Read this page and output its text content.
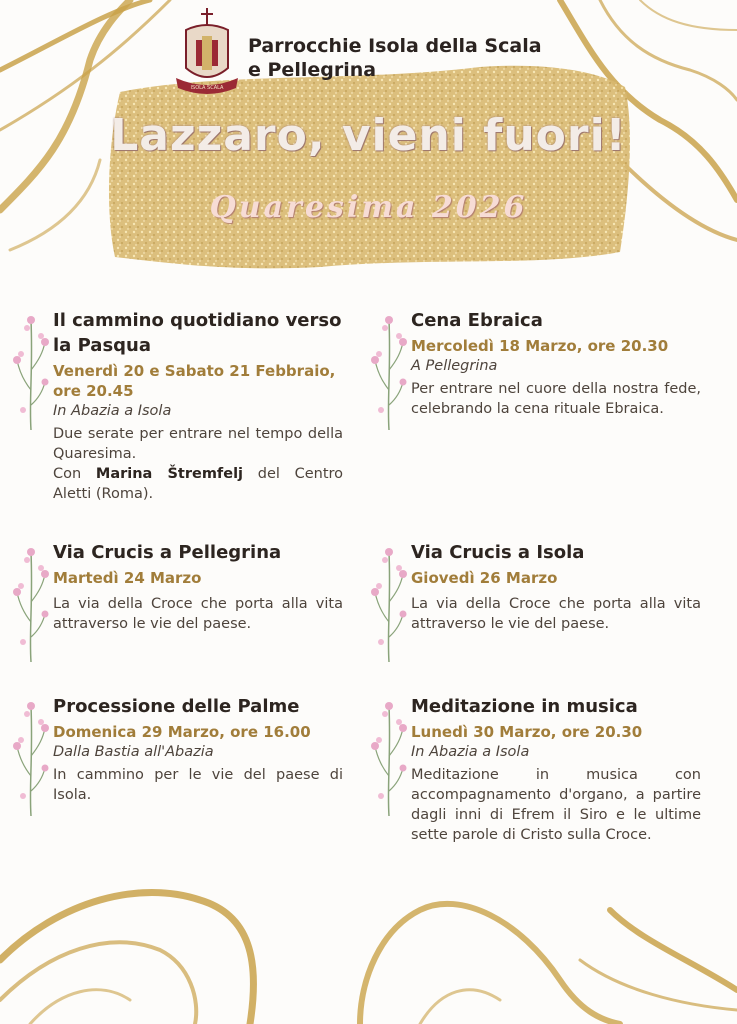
ISOLA SCALA
Parrocchie Isola della Scala
e Pellegrina
Lazzaro, vieni fuori!
Quaresima 2026
Il cammino quotidiano verso la Pasqua
Venerdì 20 e Sabato 21 Febbraio, ore 20.45
In Abazia a Isola
Due serate per entrare nel tempo della Quaresima.
Con Marina Štremfelj del Centro Aletti (Roma).
Cena Ebraica
Mercoledì 18 Marzo, ore 20.30
A Pellegrina
Per entrare nel cuore della nostra fede, celebrando la cena rituale Ebraica.
Via Crucis a Pellegrina
Martedì 24 Marzo
La via della Croce che porta alla vita attraverso le vie del paese.
Via Crucis a Isola
Giovedì 26 Marzo
La via della Croce che porta alla vita attraverso le vie del paese.
Processione delle Palme
Domenica 29 Marzo, ore 16.00
Dalla Bastia all'Abazia
In cammino per le vie del paese di Isola.
Meditazione in musica
Lunedì 30 Marzo, ore 20.30
In Abazia a Isola
Meditazione in musica con accompagnamento d'organo, a partire dagli inni di Efrem il Siro e le ultime sette parole di Cristo sulla Croce.
